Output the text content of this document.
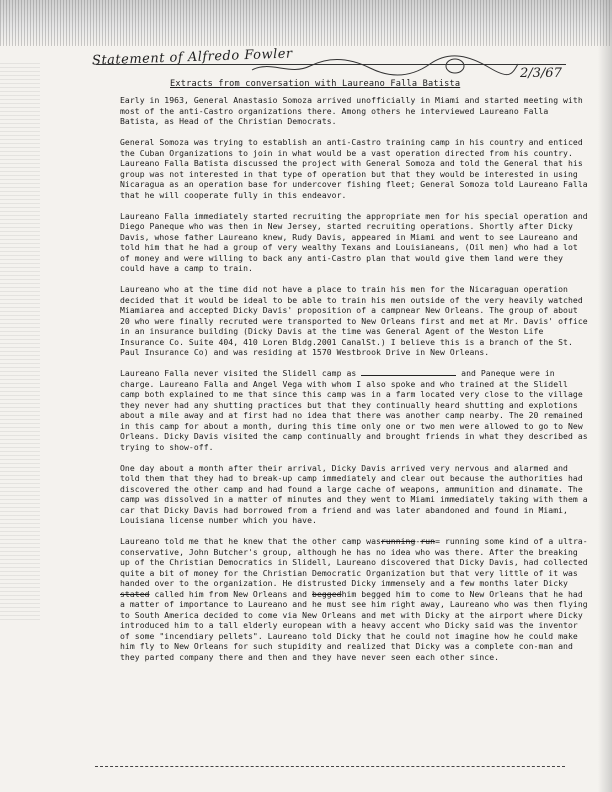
Statement of Alfredo Fowler
2/3/67
Extracts from conversation with Laureano Falla Batista

Early in 1963, General Anastasio Somoza arrived unofficially in Miami and started meeting with most of the anti-Castro organizations there. Among others he interviewed Laureano Falla Batista, as Head of the Christian Democrats.

General Somoza was trying to establish an anti-Castro training camp in his country and enticed the Cuban Organizations to join in what would be a vast operation directed from his country. Laureano Falla Batista discussed the project with General Somoza and told the General that his group was not interested in that type of operation but that they would be interested in using Nicaragua as an operation base for undercover fishing fleet; General Somoza told Laureano Falla that he will cooperate fully in this endeavor.

Laureano Falla immediately started recruiting the appropriate men for his special operation and Diego Paneque who was then in New Jersey, started recruiting operations. Shortly after Dicky Davis, whose father Laureano knew, Rudy Davis, appeared in Miami and went to see Laureano and told him that he had a group of very wealthy Texans and Louisianeans, (Oil men) who had a lot of money and were willing to back any anti-Castro plan that would give them land were they could have a camp to train.

Laureano who at the time did not have a place to train his men for the Nicaraguan operation decided that it would be ideal to be able to train his men outside of the very heavily watched Miamiarea and accepted Dicky Davis' proposition of a campnear New Orleans. The group of about 20 who were finally recruted were transported to New Orleans first and met at Mr. Davis' office in an insurance building (Dicky Davis at the time was General Agent of the Weston Life Insurance Co. Suite 404, 410 Loren Bldg.2001 CanalSt.) I believe this is a branch of the St. Paul Insurance Co) and was residing at 1570 Westbrook Drive in New Orleans.

Laureano Falla never visited the Slidell camp as	and Paneque were in charge. Laureano Falla and Angel Vega with whom I also spoke and who trained at the Slidell camp both explained to me that since this camp was in a farm located very close to the village they never had any shutting practices but that they continually heard shutting and explotions about a mile away and at first had no idea that there was another camp nearby. The 20 remained in this camp for about a month, during this time only one or two men were allowed to go to New Orleans. Dicky Davis visited the camp continually and brought friends in what they described as trying to show-off.

One day about a month after their arrival, Dicky Davis arrived very nervous and alarmed and told them that they had to break-up camp immediately and clear out because the authorities had discovered the other camp and had found a large cache of weapons, ammunition and dinamate. The camp was dissolved in a matter of minutes and they went to Miami immediately taking with them a car that Dicky Davis had borrowed from a friend and was later abandoned and found in Miami, Louisiana license number which you have.

Laureano told me that he knew that the other camp wasrunning-run= running some kind of a ultra-conservative, John Butcher's group, although he has no idea who was there. After the breaking up of the Christian Democratics in Slidell, Laureano discovered that Dicky Davis, had collected quite a bit of money for the Christian Democratic Organization but that very little of it was handed over to the organization. He distrusted Dicky immensely and a few months later Dicky stated called him from New Orleans and beggedhim begged him to come to New Orleans that he had a matter of importance to Laureano and he must see him right away, Laureano who was then flying to South America decided to come via New Orleans and met with Dicky at the airport where Dicky introduced him to a tall elderly european with a heavy accent who Dicky said was the inventor of some "incendiary pellets". Laureano told Dicky that he could not imagine how he could make him fly to New Orleans for such stupidity and realized that Dicky was a complete con-man and they parted company there and then and they have never seen each other since.
